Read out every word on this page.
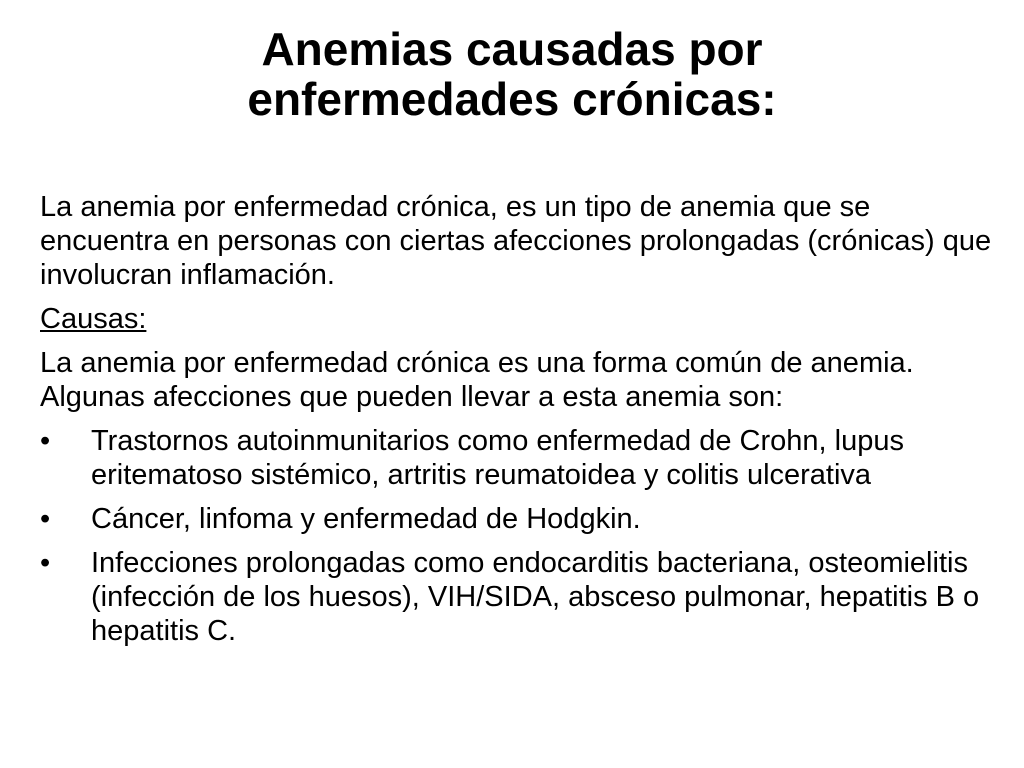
Anemias causadas por
enfermedades crónicas:

La anemia por enfermedad crónica, es un tipo de anemia que se encuentra en personas con ciertas afecciones prolongadas (crónicas) que involucran inflamación.

Causas:

La anemia por enfermedad crónica es una forma común de anemia. Algunas afecciones que pueden llevar a esta anemia son:

•	Trastornos autoinmunitarios como enfermedad de Crohn, lupus eritematoso sistémico, artritis reumatoidea y colitis ulcerativa
•	Cáncer, linfoma y enfermedad de Hodgkin.
•	Infecciones prolongadas como endocarditis bacteriana, osteomielitis (infección de los huesos), VIH/SIDA, absceso pulmonar, hepatitis B o hepatitis C.
